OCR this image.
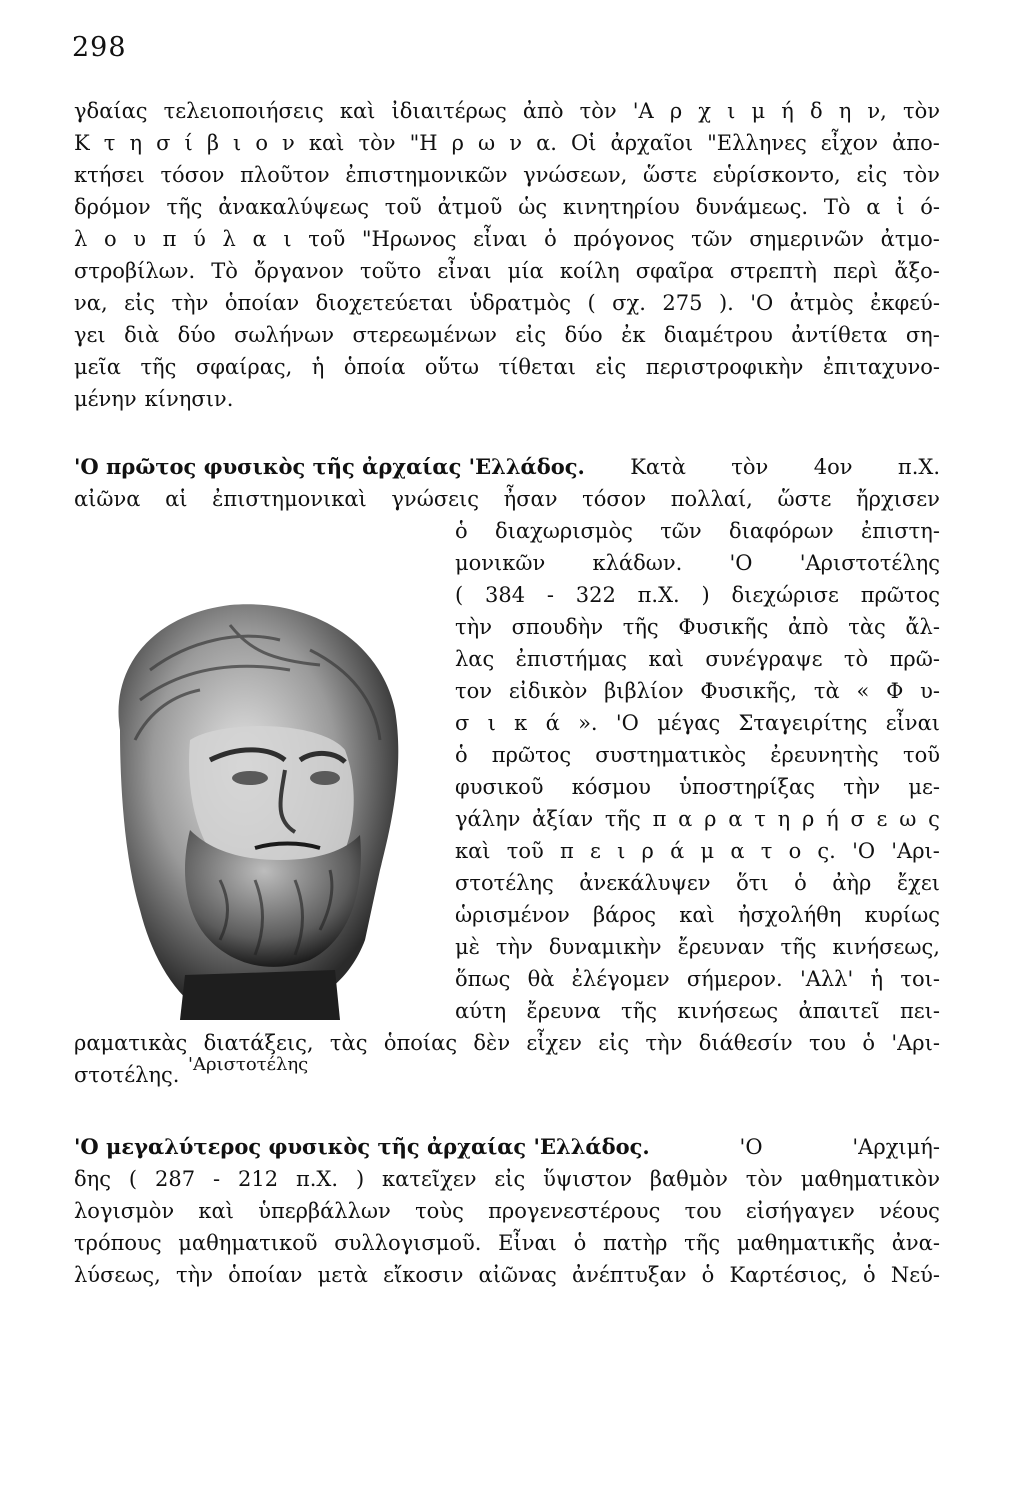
298
γδαίας τελειοποιήσεις καὶ ἰδιαιτέρως ἀπὸ τὸν 'Α ρ χ ι μ ή δ η ν, τὸν
Κ τ η σ ί β ι ο ν καὶ τὸν "Η ρ ω ν α. Οἱ ἀρχαῖοι "Ελληνες εἶχον ἀπο-
κτήσει τόσον πλοῦτον ἐπιστημονικῶν γνώσεων, ὥστε εὑρίσκοντο, εἰς τὸν
δρόμον τῆς ἀνακαλύψεως τοῦ ἀτμοῦ ὡς κινητηρίου δυνάμεως. Τὸ α ἰ ό-
λ ο υ π ύ λ α ι τοῦ "Ηρωνος εἶναι ὁ πρόγονος τῶν σημερινῶν ἀτμο-
στροβίλων. Τὸ ὄργανον τοῦτο εἶναι μία κοίλη σφαῖρα στρεπτὴ περὶ ἄξο-
να, εἰς τὴν ὁποίαν διοχετεύεται ὑδρατμὸς ( σχ. 275 ). 'Ο ἀτμὸς ἐκφεύ-
γει διὰ δύο σωλήνων στερεωμένων εἰς δύο ἐκ διαμέτρου ἀντίθετα ση-
μεῖα τῆς σφαίρας, ἡ ὁποία οὕτω τίθεται εἰς περιστροφικὴν ἐπιταχυνο-
μένην κίνησιν.
'Ο πρῶτος φυσικὸς τῆς ἀρχαίας 'Ελλάδος. Κατὰ τὸν 4ον π.Χ.
αἰῶνα αἱ ἐπιστημονικαὶ γνώσεις ἦσαν τόσον πολλαί, ὥστε ἤρχισεν
ὁ διαχωρισμὸς τῶν διαφόρων ἐπιστη-
μονικῶν κλάδων. 'Ο 'Αριστοτέλης
( 384 - 322 π.Χ. ) διεχώρισε πρῶτος
τὴν σπουδὴν τῆς Φυσικῆς ἀπὸ τὰς ἄλ-
λας ἐπιστήμας καὶ συνέγραψε τὸ πρῶ-
τον εἰδικὸν βιβλίον Φυσικῆς, τὰ « Φ υ-
σ ι κ ά ». 'Ο μέγας Σταγειρίτης εἶναι
ὁ πρῶτος συστηματικὸς ἐρευνητὴς τοῦ
φυσικοῦ κόσμου ὑποστηρίξας τὴν με-
γάλην ἀξίαν τῆς π α ρ α τ η ρ ή σ ε ω ς
καὶ τοῦ π ε ι ρ ά μ α τ ο ς. 'Ο 'Αρι-
στοτέλης ἀνεκάλυψεν ὅτι ὁ ἀὴρ ἔχει
ὡρισμένον βάρος καὶ ἠσχολήθη κυρίως
μὲ τὴν δυναμικὴν ἔρευναν τῆς κινήσεως,
ὅπως θὰ ἐλέγομεν σήμερον. 'Αλλ' ἡ τοι-
αύτη ἔρευνα τῆς κινήσεως ἀπαιτεῖ πει-
ραματικὰς διατάξεις, τὰς ὁποίας δὲν εἶχεν εἰς τὴν διάθεσίν του ὁ 'Αρι-
στοτέλης.
'Ο μεγαλύτερος φυσικὸς τῆς ἀρχαίας 'Ελλάδος.	'Ο	'Αρχιμή-
δης ( 287 - 212 π.Χ. ) κατεῖχεν εἰς ὕψιστον βαθμὸν τὸν μαθηματικὸν
λογισμὸν καὶ ὑπερβάλλων τοὺς προγενεστέρους του εἰσήγαγεν νέους
τρόπους μαθηματικοῦ συλλογισμοῦ. Εἶναι ὁ πατὴρ τῆς μαθηματικῆς ἀνα-
λύσεως, τὴν ὁποίαν μετὰ εἴκοσιν αἰῶνας ἀνέπτυξαν ὁ Καρτέσιος, ὁ Νεύ-
'Αριστοτέλης
